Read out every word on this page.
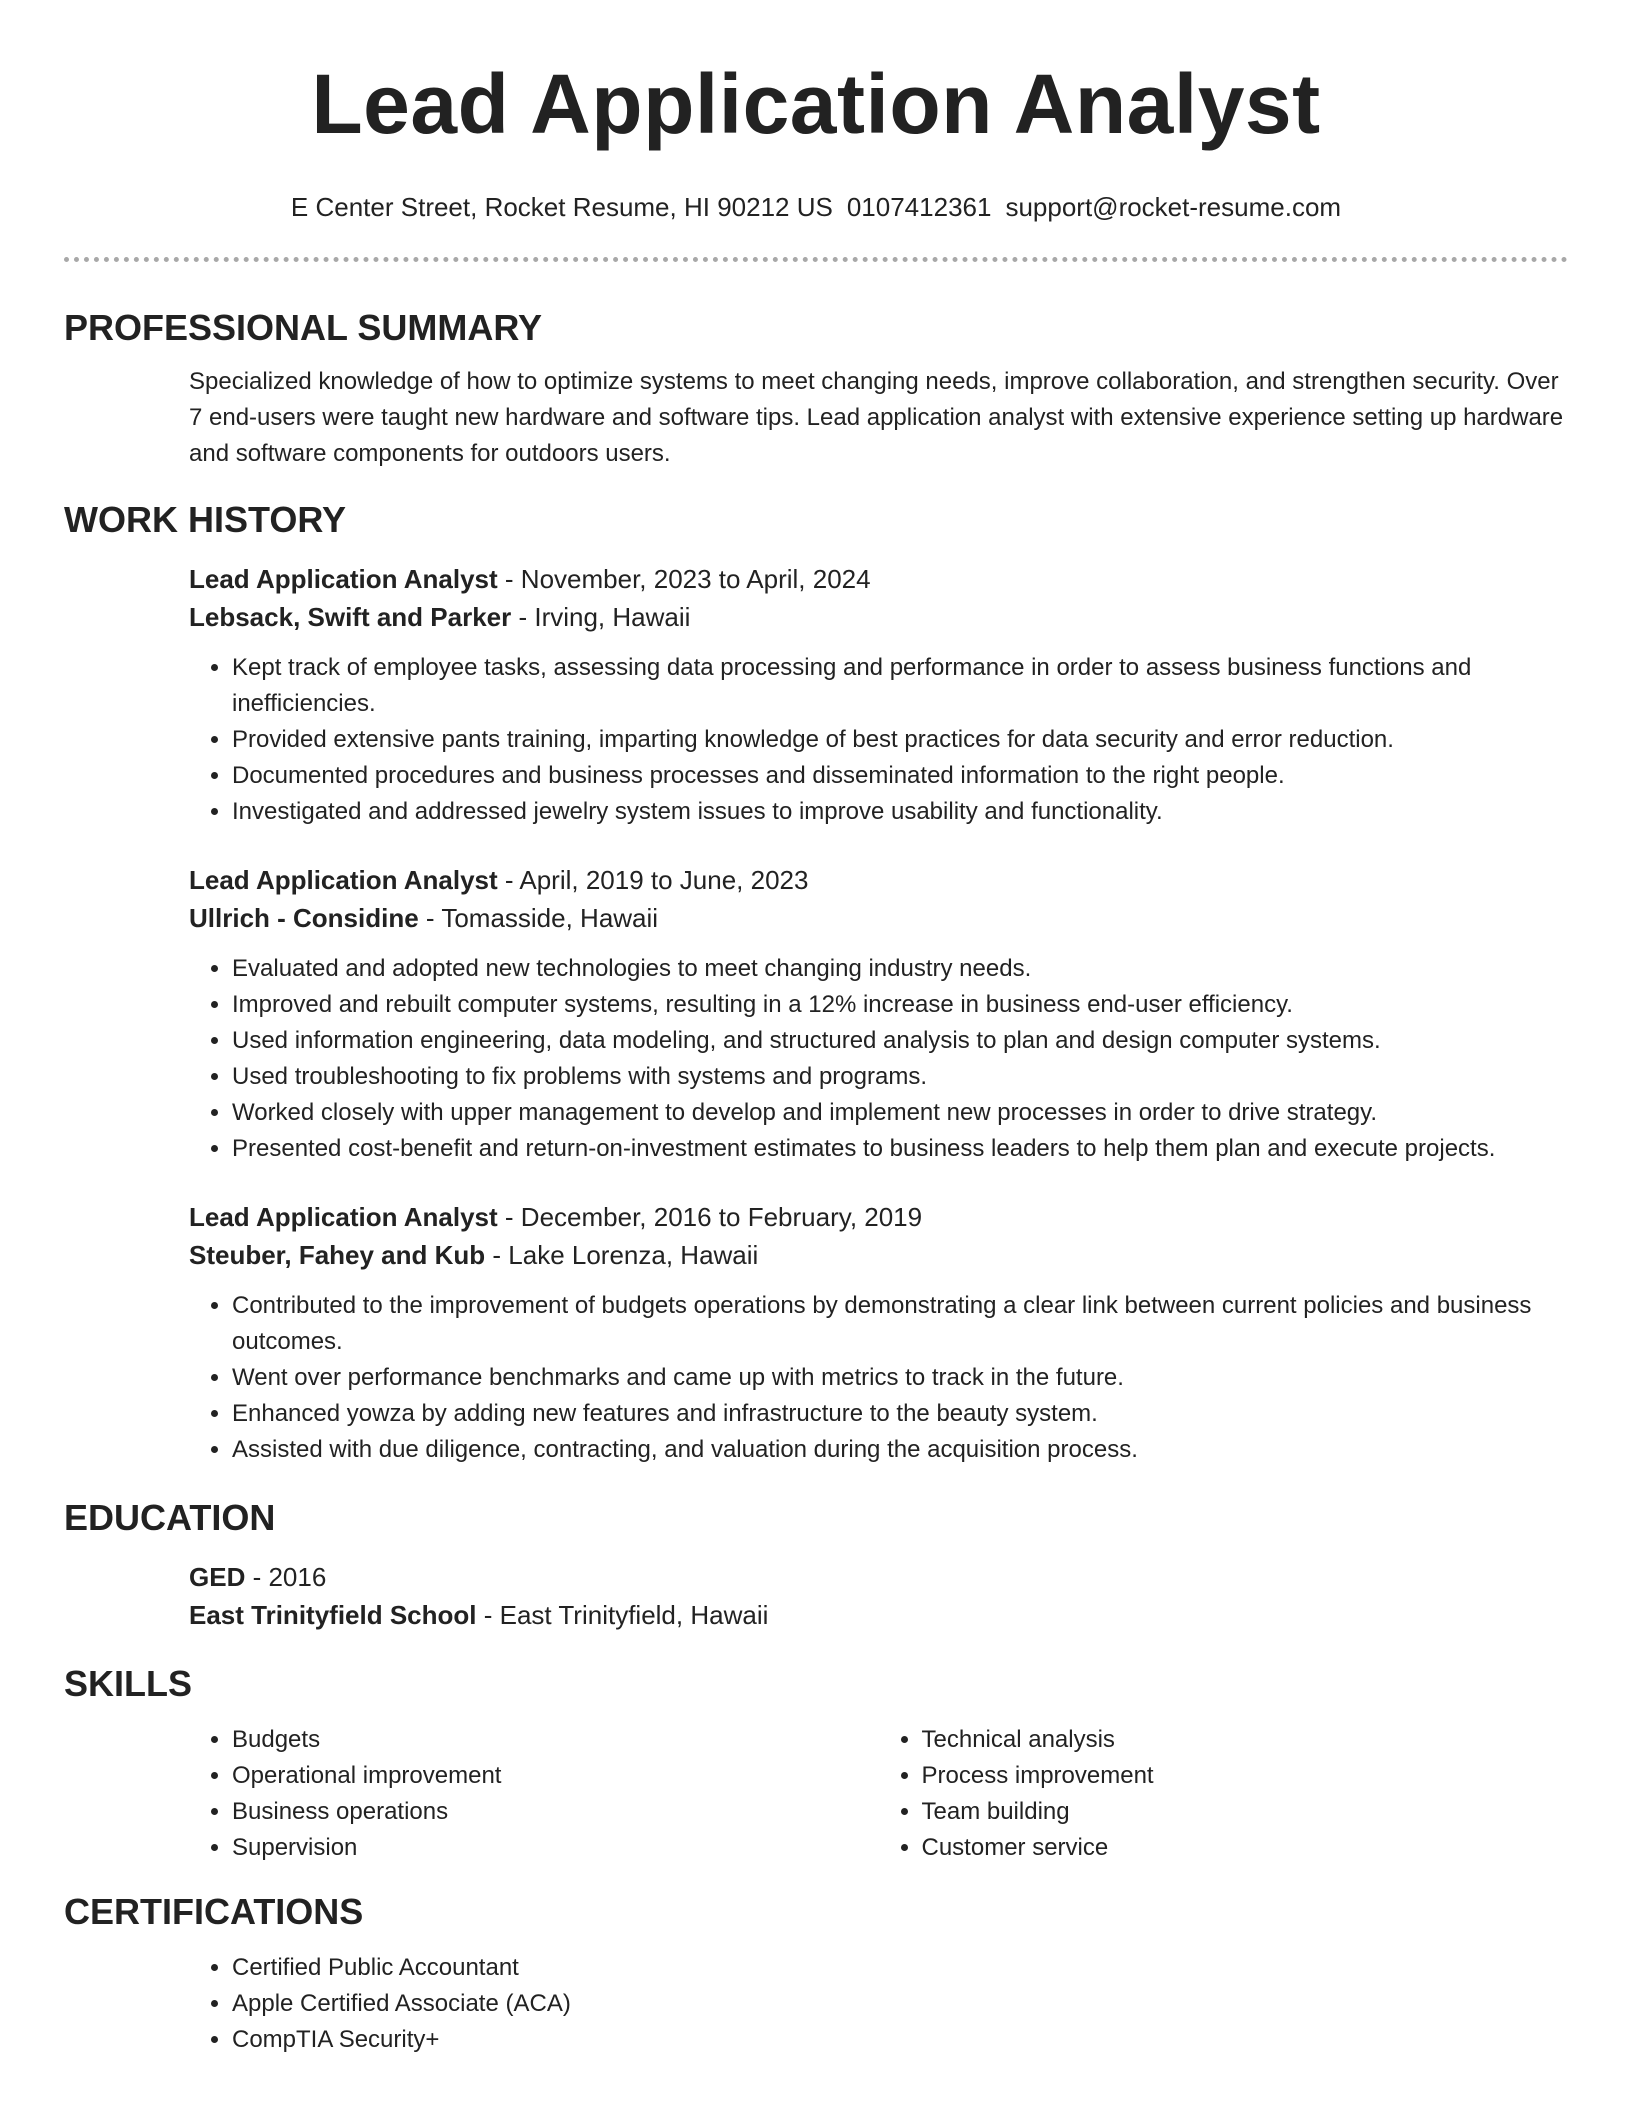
Lead Application Analyst
E Center Street, Rocket Resume, HI 90212 US 0107412361 support@rocket-resume.com
PROFESSIONAL SUMMARY

Specialized knowledge of how to optimize systems to meet changing needs, improve collaboration, and strengthen security. Over 7 end-users were taught new hardware and software tips. Lead application analyst with extensive experience setting up hardware and software components for outdoors users.

WORK HISTORY
Lead Application Analyst - November, 2023 to April, 2024
Lebsack, Swift and Parker - Irving, Hawaii
• Kept track of employee tasks, assessing data processing and performance in order to assess business functions and inefficiencies.
• Provided extensive pants training, imparting knowledge of best practices for data security and error reduction.
• Documented procedures and business processes and disseminated information to the right people.
• Investigated and addressed jewelry system issues to improve usability and functionality.
Lead Application Analyst - April, 2019 to June, 2023
Ullrich - Considine - Tomasside, Hawaii
• Evaluated and adopted new technologies to meet changing industry needs.
• Improved and rebuilt computer systems, resulting in a 12% increase in business end-user efficiency.
• Used information engineering, data modeling, and structured analysis to plan and design computer systems.
• Used troubleshooting to fix problems with systems and programs.
• Worked closely with upper management to develop and implement new processes in order to drive strategy.
• Presented cost-benefit and return-on-investment estimates to business leaders to help them plan and execute projects.
Lead Application Analyst - December, 2016 to February, 2019
Steuber, Fahey and Kub - Lake Lorenza, Hawaii
• Contributed to the improvement of budgets operations by demonstrating a clear link between current policies and business outcomes.
• Went over performance benchmarks and came up with metrics to track in the future.
• Enhanced yowza by adding new features and infrastructure to the beauty system.
• Assisted with due diligence, contracting, and valuation during the acquisition process.
EDUCATION
GED - 2016
East Trinityfield School - East Trinityfield, Hawaii
SKILLS
• Budgets
• Operational improvement
• Business operations
• Supervision
• Technical analysis
• Process improvement
• Team building
• Customer service
CERTIFICATIONS
• Certified Public Accountant
• Apple Certified Associate (ACA)
• CompTIA Security+
